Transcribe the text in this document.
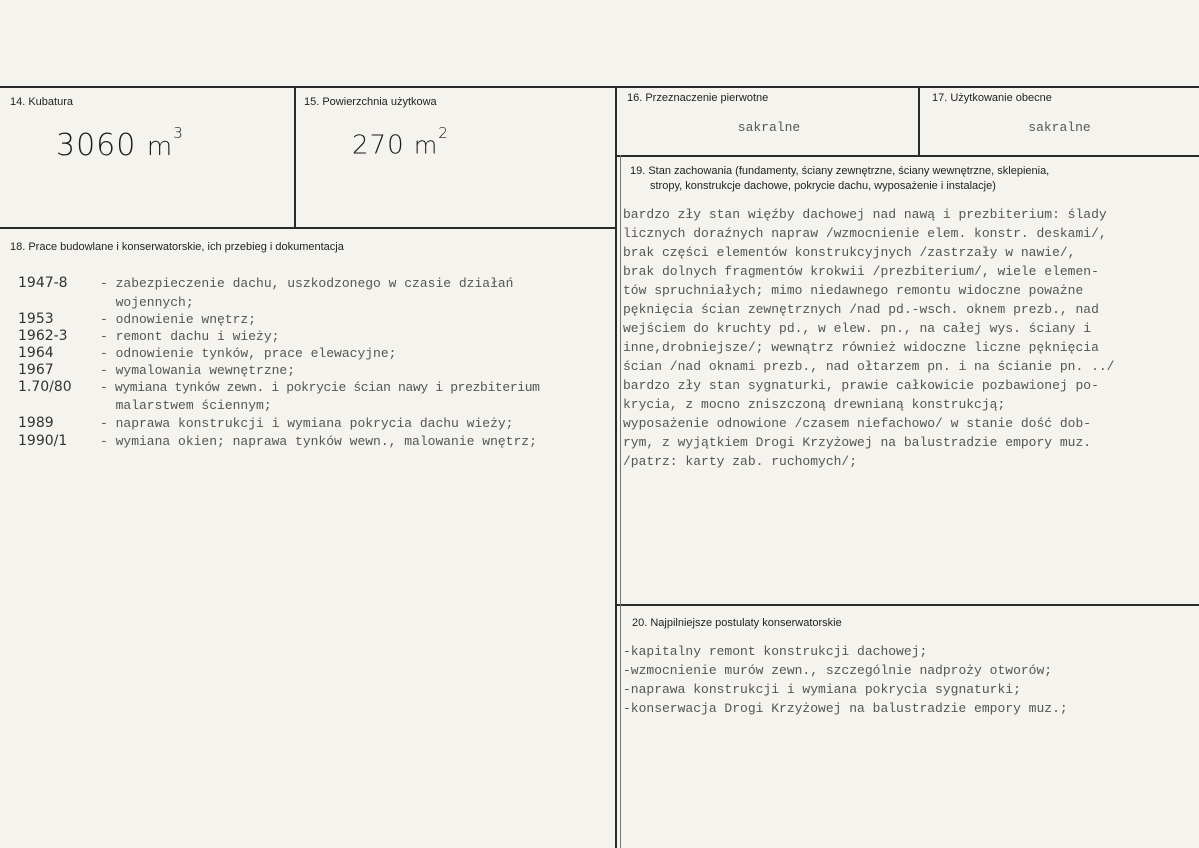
14. Kubatura
3060 $m^3$
15. Powierzchnia użytkowa
270 $m^2$
16. Przeznaczenie pierwotne
sakralne
17. Użytkowanie obecne
sakralne
18. Prace budowlane i konserwatorskie, ich przebieg i dokumentacja
1947-8	- zabezpieczenie dachu, uszkodzonego w czasie działań
wojennych;
1953	- odnowienie wnętrz;
1962-3	- remont dachu i wieży;
1964	- odnowienie tynków, prace elewacyjne;
1967	- wymalowania wewnętrzne;
1.70/80	- wymiana tynków zewn. i pokrycie ścian nawy i prezbiterium
malarstwem ściennym;
1989	- naprawa konstrukcji i wymiana pokrycia dachu wieży;
1990/1	- wymiana okien; naprawa tynków wewn., malowanie wnętrz;
19. Stan zachowania (fundamenty, ściany zewnętrzne, ściany wewnętrzne, sklepienia,
stropy, konstrukcje dachowe, pokrycie dachu, wyposażenie i instalacje)
bardzo zły stan więźby dachowej nad nawą i prezbiterium: ślady
licznych doraźnych napraw /wzmocnienie elem. konstr. deskami/,
brak części elementów konstrukcyjnych /zastrzały w nawie/,
brak dolnych fragmentów krokwii /prezbiterium/, wiele elemen-
tów spruchniałych; mimo niedawnego remontu widoczne poważne
pęknięcia ścian zewnętrznych /nad pd.-wsch. oknem prezb., nad
wejściem do kruchty pd., w elew. pn., na całej wys. ściany i
inne,drobniejsze/; wewnątrz również widoczne liczne pęknięcia
ścian /nad oknami prezb., nad ołtarzem pn. i na ścianie pn. ../
bardzo zły stan sygnaturki, prawie całkowicie pozbawionej po-
krycia, z mocno zniszczoną drewnianą konstrukcją;
wyposażenie odnowione /czasem niefachowo/ w stanie dość dob-
rym, z wyjątkiem Drogi Krzyżowej na balustradzie empory muz.
/patrz: karty zab. ruchomych/;
20. Najpilniejsze postulaty konserwatorskie
-kapitalny remont konstrukcji dachowej;
-wzmocnienie murów zewn., szczególnie nadproży otworów;
-naprawa konstrukcji i wymiana pokrycia sygnaturki;
-konserwacja Drogi Krzyżowej na balustradzie empory muz.;
